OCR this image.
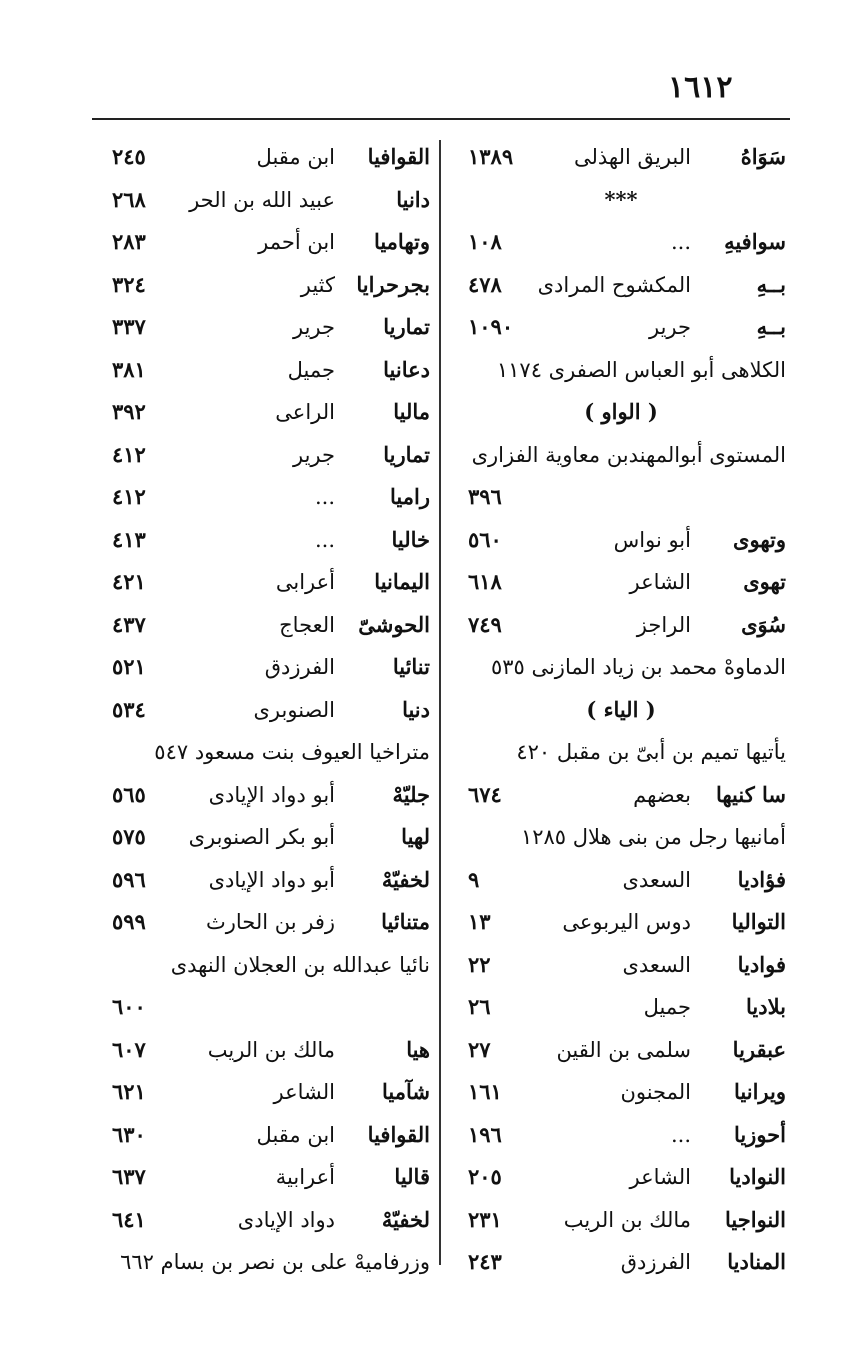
١٦١٢
سَوَاهُ
البريق الهذلى
١٣٨٩
***
سوافيهِ
...
١٠٨
بــهِ
المكشوح المرادى
٤٧٨
بــهِ
جرير
١٠٩٠
الكلاهى أبو العباس الصفرى ١١٧٤
( الواو )
المستوى أبوالمهندبن معاوية الفزارى
٣٩٦
وتهوى
أبو نواس
٥٦٠
تهوى
الشاعر
٦١٨
سُوَى
الراجز
٧٤٩
الدماوهْ محمد بن زياد المازنى ٥٣٥
( الياء )
يأتيها تميم بن أبىّ بن مقبل ٤٢٠
سا كنيها
بعضهم
٦٧٤
أمانيها رجل من بنى هلال ١٢٨٥
فؤاديا
السعدى
٩
التواليا
دوس اليربوعى
١٣
فواديا
السعدى
٢٢
بلاديا
جميل
٢٦
عبقريا
سلمى بن القين
٢٧
ويرانيا
المجنون
١٦١
أحوزيا
...
١٩٦
النواديا
الشاعر
٢٠٥
النواجيا
مالك بن الريب
٢٣١
المناديا
الفرزدق
٢٤٣
القوافيا
ابن مقبل
٢٤٥
دانيا
عبيد الله بن الحر
٢٦٨
وتهاميا
ابن أحمر
٢٨٣
بجرحرايا
كثير
٣٢٤
تماريا
جرير
٣٣٧
دعانيا
جميل
٣٨١
ماليا
الراعى
٣٩٢
تماريا
جرير
٤١٢
راميا
...
٤١٢
خاليا
...
٤١٣
اليمانيا
أعرابى
٤٢١
الحوشىّ
العجاج
٤٣٧
تنائيا
الفرزدق
٥٢١
دنيا
الصنوبرى
٥٣٤
متراخيا العيوف بنت مسعود ٥٤٧
جليّهْ
أبو دواد الإيادى
٥٦٥
لهيا
أبو بكر الصنوبرى
٥٧٥
لخفيّهْ
أبو دواد الإيادى
٥٩٦
متنائيا
زفر بن الحارث
٥٩٩
نائيا عبدالله بن العجلان النهدى
٦٠٠
هيا
مالك بن الريب
٦٠٧
شآميا
الشاعر
٦٢١
القوافيا
ابن مقبل
٦٣٠
قاليا
أعرابية
٦٣٧
لخفيّهْ
دواد الإيادى
٦٤١
وزرفاميهْ على بن نصر بن بسام ٦٦٢
